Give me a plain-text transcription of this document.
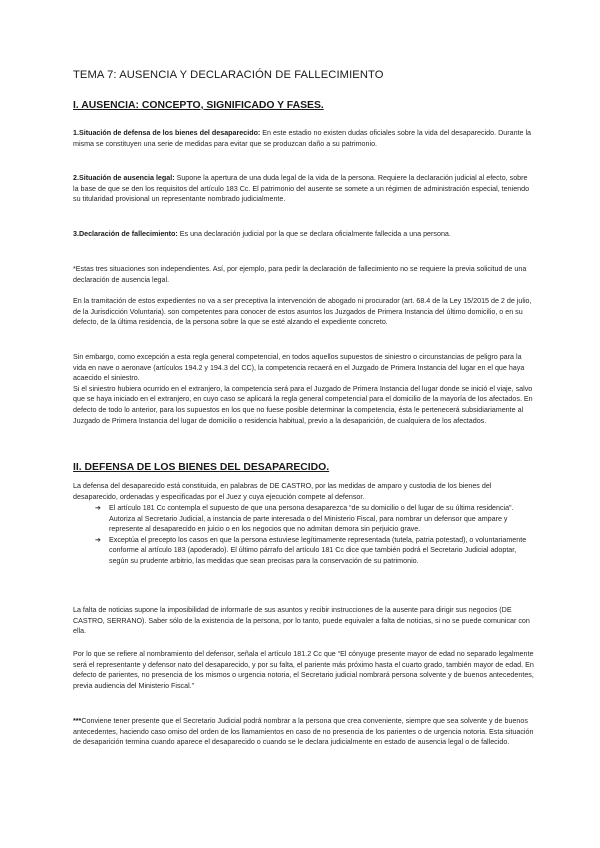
TEMA 7: AUSENCIA Y DECLARACIÓN DE FALLECIMIENTO
I. AUSENCIA: CONCEPTO, SIGNIFICADO Y FASES.
1.Situación de defensa de los bienes del desaparecido: En este estadio no existen dudas oficiales sobre la vida del desaparecido. Durante la misma se constituyen una serie de medidas para evitar que se produzcan daño a su patrimonio.
2.Situación de ausencia legal: Supone la apertura de una duda legal de la vida de la persona. Requiere la declaración judicial al efecto, sobre la base de que se den los requisitos del artículo 183 Cc. El patrimonio del ausente se somete a un régimen de administración especial, teniendo su titularidad provisional un representante nombrado judicialmente.
3.Declaración de fallecimiento: Es una declaración judicial por la que se declara oficialmente fallecida a una persona.
*Estas tres situaciones son independientes. Así, por ejemplo, para pedir la declaración de fallecimiento no se requiere la previa solicitud de una declaración de ausencia legal.
En la tramitación de estos expedientes no va a ser preceptiva la intervención de abogado ni procurador (art. 68.4 de la Ley 15/2015 de 2 de julio, de la Jurisdicción Voluntaria). son competentes para conocer de estos asuntos los Juzgados de Primera Instancia del último domicilio, o en su defecto, de la última residencia, de la persona sobre la que se esté alzando el expediente concreto.
Sin embargo, como excepción a esta regla general competencial, en todos aquellos supuestos de siniestro o circunstancias de peligro para la vida en nave o aeronave (artículos 194.2 y 194.3 del CC), la competencia recaerá en el Juzgado de Primera Instancia del lugar en el que haya acaecido el siniestro.
Si el siniestro hubiera ocurrido en el extranjero, la competencia será para el Juzgado de Primera Instancia del lugar donde se inició el viaje, salvo que se haya iniciado en el extranjero, en cuyo caso se aplicará la regla general competencial para el domicilio de la mayoría de los afectados. En defecto de todo lo anterior, para los supuestos en los que no fuese posible determinar la competencia, ésta le pertenecerá subsidiariamente al Juzgado de Primera Instancia del lugar de domicilio o residencia habitual, previo a la desaparición, de cualquiera de los afectados.
II. DEFENSA DE LOS BIENES DEL DESAPARECIDO.
La defensa del desaparecido está constituida, en palabras de DE CASTRO, por las medidas de amparo y custodia de los bienes del desaparecido, ordenadas y especificadas por el Juez y cuya ejecución compete al defensor.
➔ El artículo 181 Cc contempla el supuesto de que una persona desaparezca “de su domicilio o del lugar de su última residencia”. Autoriza al Secretario Judicial, a instancia de parte interesada o del Ministerio Fiscal, para nombrar un defensor que ampare y represente al desaparecido en juicio o en los negocios que no admitan demora sin perjuicio grave.
➔ Exceptúa el precepto los casos en que la persona estuviese legítimamente representada (tutela, patria potestad), o voluntariamente conforme al artículo 183 (apoderado). El último párrafo del artículo 181 Cc dice que también podrá el Secretario Judicial adoptar, según su prudente arbitrio, las medidas que sean precisas para la conservación de su patrimonio.
La falta de noticias supone la imposibilidad de informarle de sus asuntos y recibir instrucciones de la ausente para dirigir sus negocios (DE CASTRO, SERRANO). Saber sólo de la existencia de la persona, por lo tanto, puede equivaler a falta de noticias, si no se puede comunicar con ella.
Por lo que se refiere al nombramiento del defensor, señala el artículo 181.2 Cc que “El cónyuge presente mayor de edad no separado legalmente será el representante y defensor nato del desaparecido, y por su falta, el pariente más próximo hasta el cuarto grado, también mayor de edad. En defecto de parientes, no presencia de los mismos o urgencia notoria, el Secretario judicial nombrará persona solvente y de buenos antecedentes, previa audiencia del Ministerio Fiscal.”
***Conviene tener presente que el Secretario Judicial podrá nombrar a la persona que crea conveniente, siempre que sea solvente y de buenos antecedentes, haciendo caso omiso del orden de los llamamientos en caso de no presencia de los parientes o de urgencia notoria. Esta situación de desaparición termina cuando aparece el desaparecido o cuando se le declara judicialmente en estado de ausencia legal o de fallecido.
